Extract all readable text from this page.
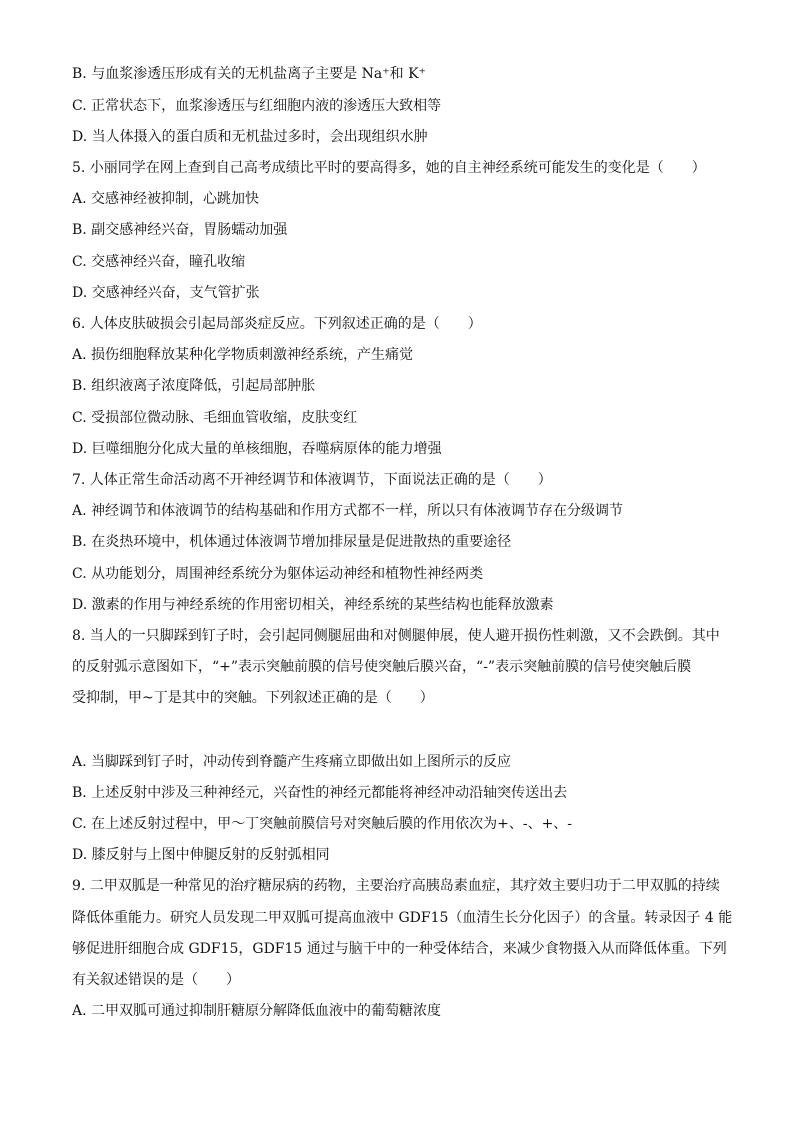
B. 与血浆渗透压形成有关的无机盐离子主要是 Na⁺和 K⁺
C. 正常状态下，血浆渗透压与红细胞内液的渗透压大致相等
D. 当人体摄入的蛋白质和无机盐过多时，会出现组织水肿
5. 小丽同学在网上查到自己高考成绩比平时的要高得多，她的自主神经系统可能发生的变化是（　　）
A. 交感神经被抑制，心跳加快
B. 副交感神经兴奋，胃肠蠕动加强
C. 交感神经兴奋，瞳孔收缩
D. 交感神经兴奋，支气管扩张
6. 人体皮肤破损会引起局部炎症反应。下列叙述正确的是（　　）
A. 损伤细胞释放某种化学物质刺激神经系统，产生痛觉
B. 组织液离子浓度降低，引起局部肿胀
C. 受损部位微动脉、毛细血管收缩，皮肤变红
D. 巨噬细胞分化成大量的单核细胞，吞噬病原体的能力增强
7. 人体正常生命活动离不开神经调节和体液调节，下面说法正确的是（　　）
A. 神经调节和体液调节的结构基础和作用方式都不一样，所以只有体液调节存在分级调节
B. 在炎热环境中，机体通过体液调节增加排尿量是促进散热的重要途径
C. 从功能划分，周围神经系统分为躯体运动神经和植物性神经两类
D. 激素的作用与神经系统的作用密切相关，神经系统的某些结构也能释放激素
8. 当人的一只脚踩到钉子时，会引起同侧腿屈曲和对侧腿伸展，使人避开损伤性刺激，又不会跌倒。其中
的反射弧示意图如下，“+”表示突触前膜的信号使突触后膜兴奋，“-”表示突触前膜的信号使突触后膜
受抑制，甲~丁是其中的突触。下列叙述正确的是（　　）
A. 当脚踩到钉子时，冲动传到脊髓产生疼痛立即做出如上图所示的反应
B. 上述反射中涉及三种神经元，兴奋性的神经元都能将神经冲动沿轴突传送出去
C. 在上述反射过程中，甲～丁突触前膜信号对突触后膜的作用依次为+、-、+、-
D. 膝反射与上图中伸腿反射的反射弧相同
9. 二甲双胍是一种常见的治疗糖尿病的药物，主要治疗高胰岛素血症，其疗效主要归功于二甲双胍的持续
降低体重能力。研究人员发现二甲双胍可提高血液中 GDF15（血清生长分化因子）的含量。转录因子 4 能
够促进肝细胞合成 GDF15，GDF15 通过与脑干中的一种受体结合，来减少食物摄入从而降低体重。下列
有关叙述错误的是（　　）
A. 二甲双胍可通过抑制肝糖原分解降低血液中的葡萄糖浓度
